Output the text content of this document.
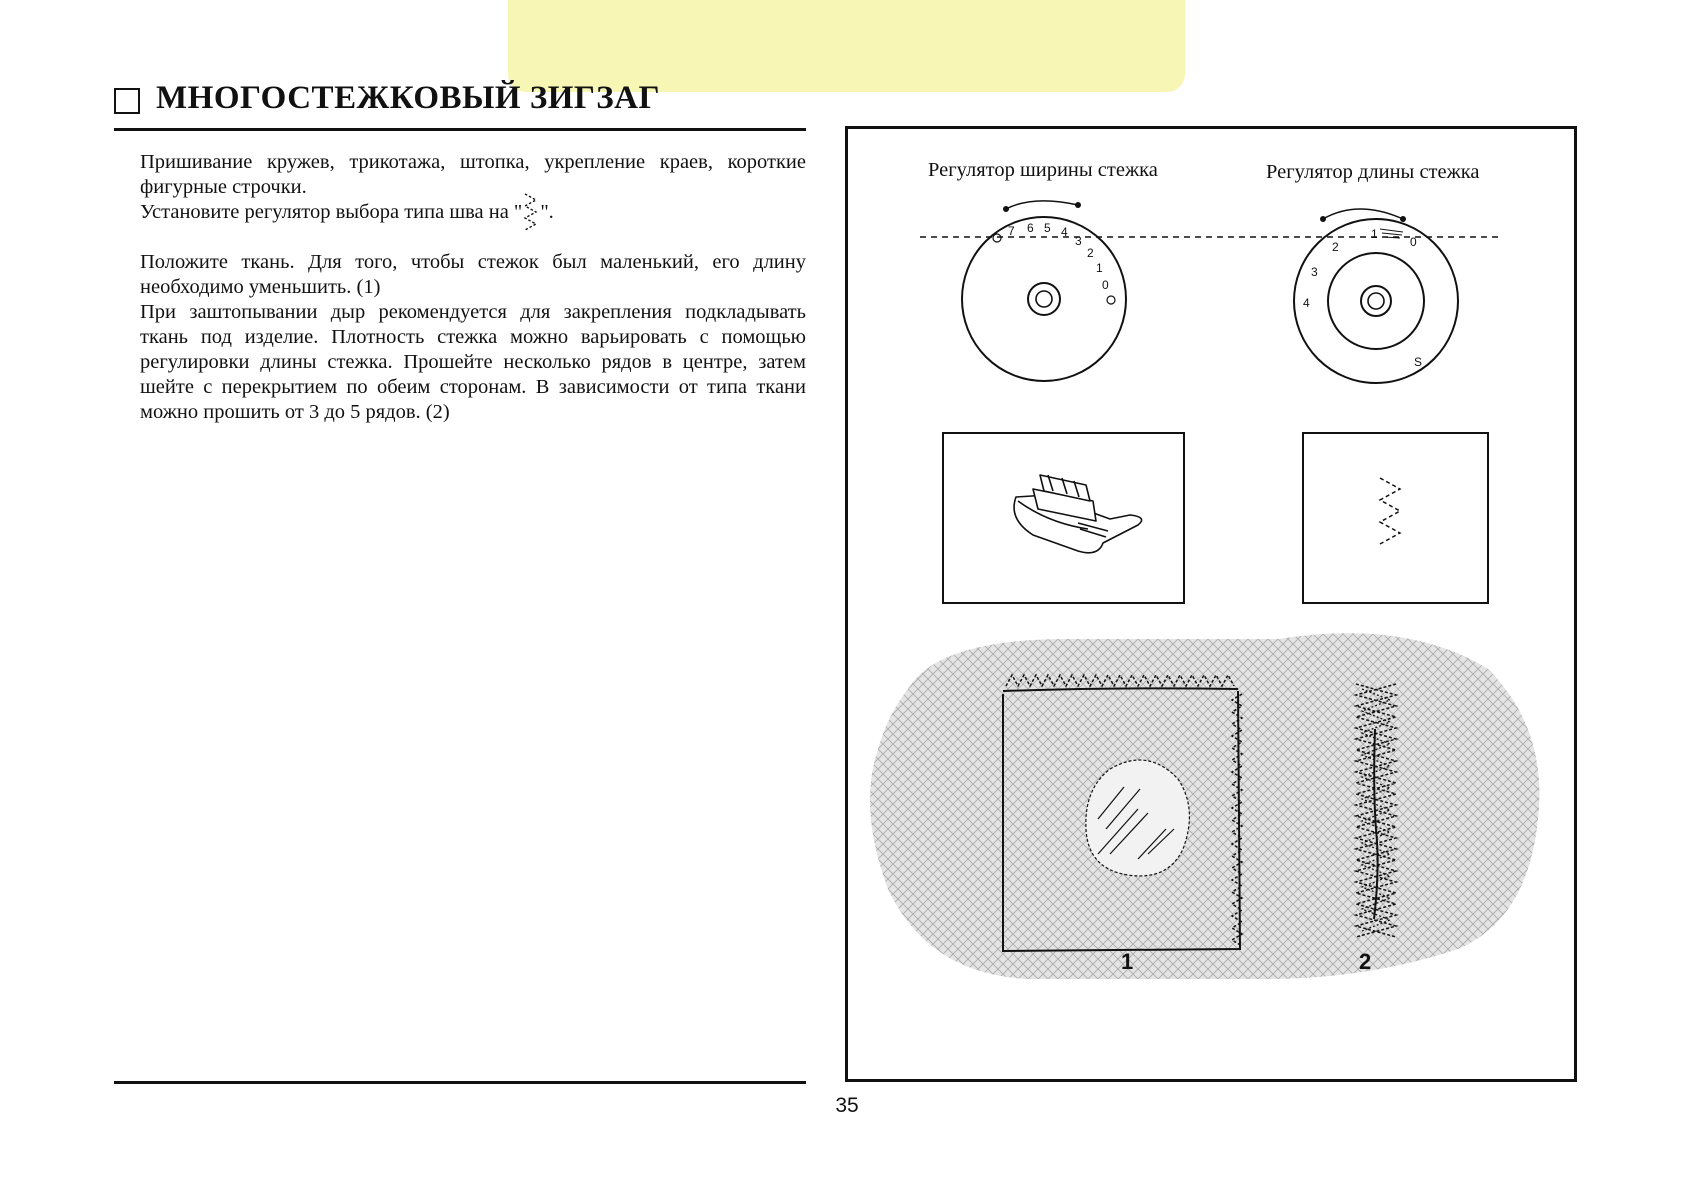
МНОГОСТЕЖКОВЫЙ ЗИГЗАГ

Пришивание кружев, трикотажа, штопка, укрепление краев, короткие фигурные строчки.

Установите регулятор выбора типа шва на " ".

Положите ткань. Для того, чтобы стежок был маленький, его длину необходимо уменьшить. (1)

При заштопывании дыр рекомендуется для закрепления подкладывать ткань под изделие. Плотность стежка можно варьировать с помощью регулировки длины стежка. Прошейте несколько рядов в центре, затем шейте с перекрытием по обеим сторонам. В зависимости от типа ткани можно прошить от 3 до 5 рядов. (2)

35
Регулятор ширины стежка	Регулятор длины стежка
7 6 5 4
3
2
1
0
4
3
2
1
0
S
1	2
